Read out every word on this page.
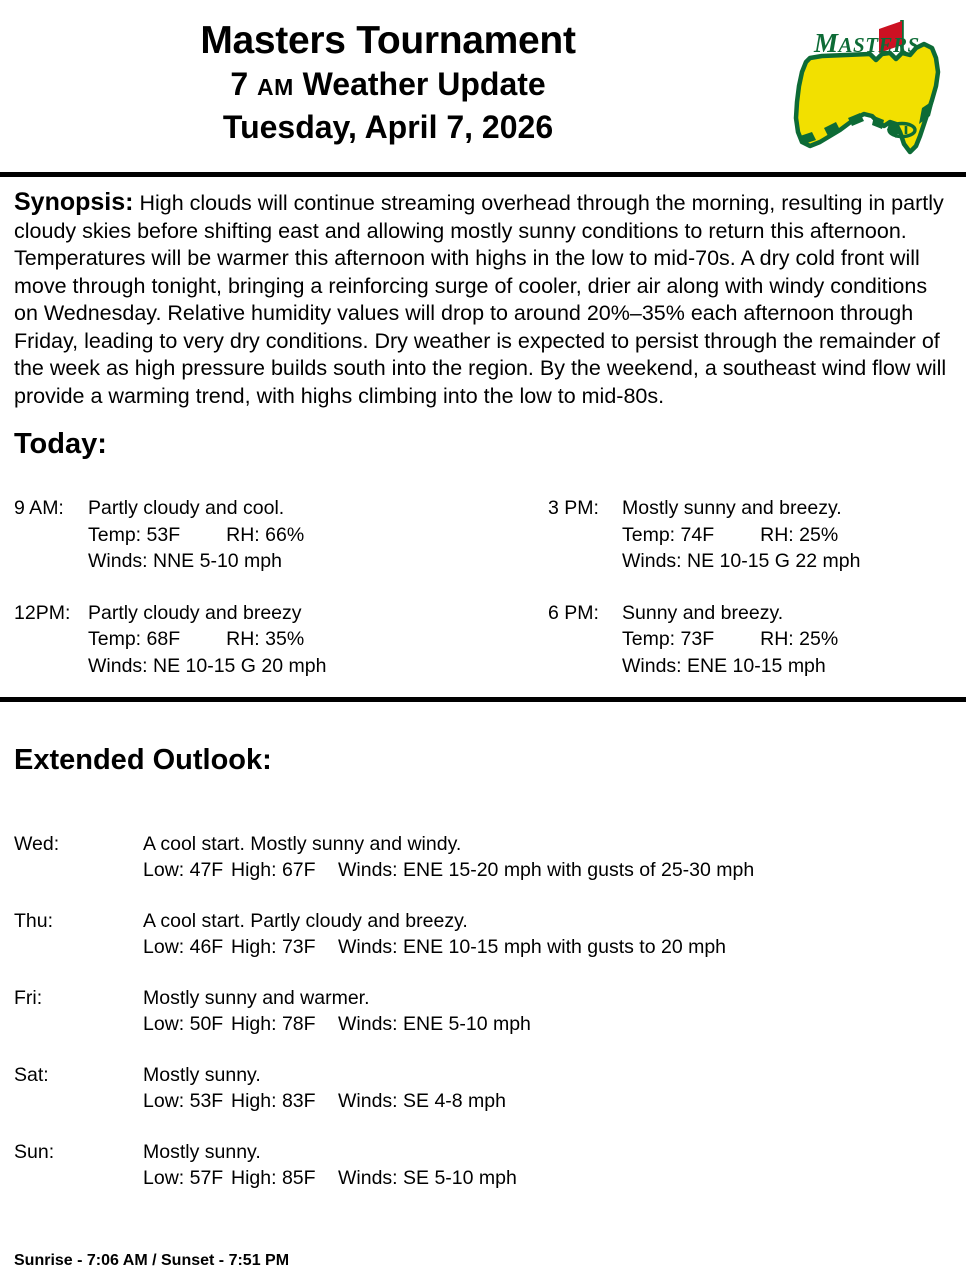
Masters Tournament
7 AM Weather Update
Tuesday, April 7, 2026
MASTERS
Synopsis: High clouds will continue streaming overhead through the morning, resulting in partly cloudy skies before shifting east and allowing mostly sunny conditions to return this afternoon. Temperatures will be warmer this afternoon with highs in the low to mid-70s. A dry cold front will move through tonight, bringing a reinforcing surge of cooler, drier air along with windy conditions on Wednesday. Relative humidity values will drop to around 20%–35% each afternoon through Friday, leading to very dry conditions. Dry weather is expected to persist through the remainder of the week as high pressure builds south into the region. By the weekend, a southeast wind flow will provide a warming trend, with highs climbing into the low to mid-80s.
Today:
9 AM:	Partly cloudy and cool.
Temp: 53F RH: 66%
Winds: NNE 5-10 mph
12PM: Partly cloudy and breezy
Temp: 68F RH: 35%
Winds: NE 10-15 G 20 mph
3 PM:	Mostly sunny and breezy.
Temp: 74F RH: 25%
Winds: NE 10-15 G 22 mph
6 PM:	Sunny and breezy.
Temp: 73F RH: 25%
Winds: ENE 10-15 mph
Extended Outlook:
Wed:	A cool start. Mostly sunny and windy.
Low: 47F High: 67F Winds: ENE 15-20 mph with gusts of 25-30 mph
Thu:	A cool start. Partly cloudy and breezy.
Low: 46F High: 73F Winds: ENE 10-15 mph with gusts to 20 mph
Fri:	Mostly sunny and warmer.
Low: 50F High: 78F Winds: ENE 5-10 mph
Sat:	Mostly sunny.
Low: 53F High: 83F Winds: SE 4-8 mph
Sun:	Mostly sunny.
Low: 57F High: 85F Winds: SE 5-10 mph
Sunrise - 7:06 AM / Sunset - 7:51 PM
